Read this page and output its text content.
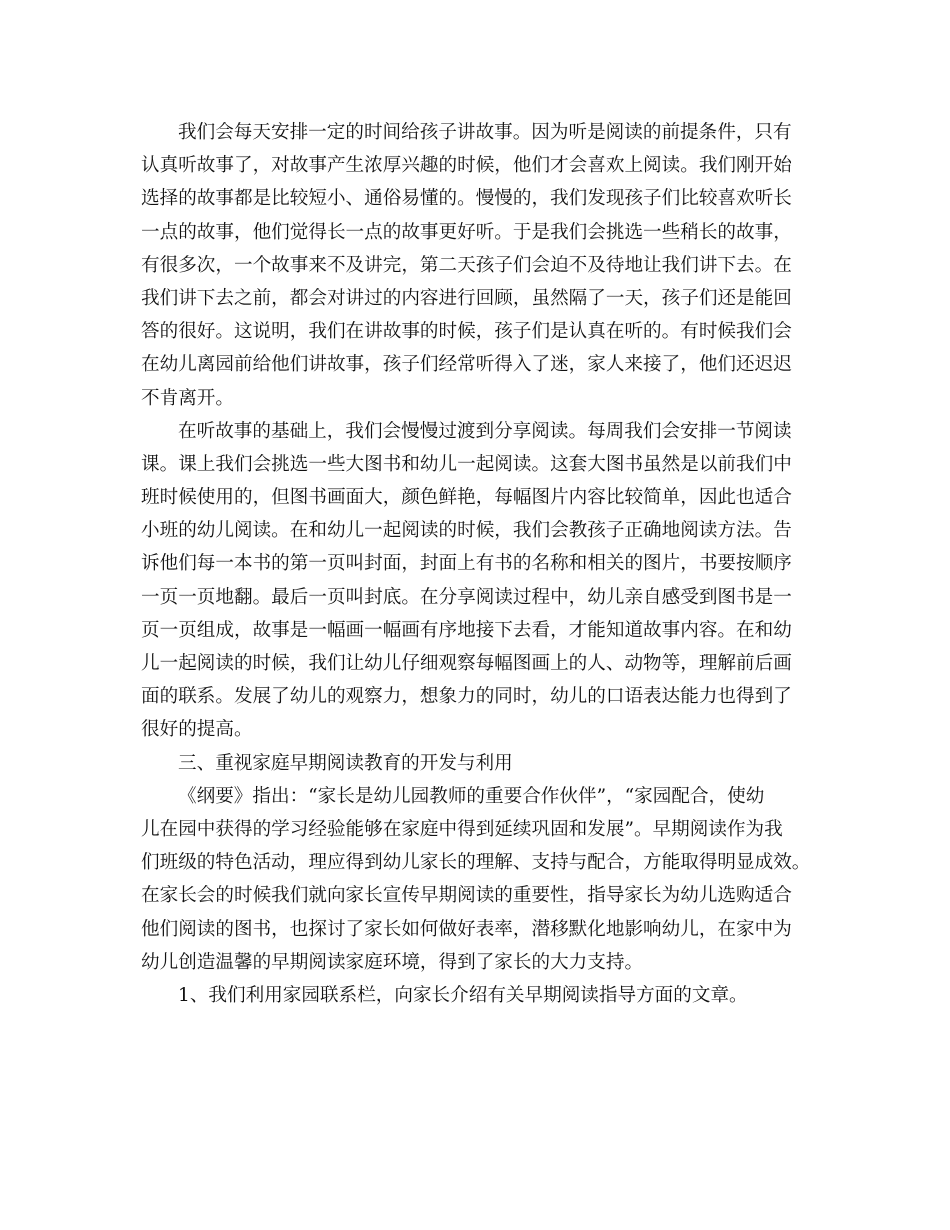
我们会每天安排一定的时间给孩子讲故事。因为听是阅读的前提条件，只有
认真听故事了，对故事产生浓厚兴趣的时候，他们才会喜欢上阅读。我们刚开始
选择的故事都是比较短小、通俗易懂的。慢慢的，我们发现孩子们比较喜欢听长
一点的故事，他们觉得长一点的故事更好听。于是我们会挑选一些稍长的故事，
有很多次，一个故事来不及讲完，第二天孩子们会迫不及待地让我们讲下去。在
我们讲下去之前，都会对讲过的内容进行回顾，虽然隔了一天，孩子们还是能回
答的很好。这说明，我们在讲故事的时候，孩子们是认真在听的。有时候我们会
在幼儿离园前给他们讲故事，孩子们经常听得入了迷，家人来接了，他们还迟迟
不肯离开。
在听故事的基础上，我们会慢慢过渡到分享阅读。每周我们会安排一节阅读
课。课上我们会挑选一些大图书和幼儿一起阅读。这套大图书虽然是以前我们中
班时候使用的，但图书画面大，颜色鲜艳，每幅图片内容比较简单，因此也适合
小班的幼儿阅读。在和幼儿一起阅读的时候，我们会教孩子正确地阅读方法。告
诉他们每一本书的第一页叫封面，封面上有书的名称和相关的图片，书要按顺序
一页一页地翻。最后一页叫封底。在分享阅读过程中，幼儿亲自感受到图书是一
页一页组成，故事是一幅画一幅画有序地接下去看，才能知道故事内容。在和幼
儿一起阅读的时候，我们让幼儿仔细观察每幅图画上的人、动物等，理解前后画
面的联系。发展了幼儿的观察力，想象力的同时，幼儿的口语表达能力也得到了
很好的提高。
三、重视家庭早期阅读教育的开发与利用
《纲要》指出：“家长是幼儿园教师的重要合作伙伴”，“家园配合，使幼
儿在园中获得的学习经验能够在家庭中得到延续巩固和发展”。早期阅读作为我
们班级的特色活动，理应得到幼儿家长的理解、支持与配合，方能取得明显成效。
在家长会的时候我们就向家长宣传早期阅读的重要性，指导家长为幼儿选购适合
他们阅读的图书，也探讨了家长如何做好表率，潜移默化地影响幼儿，在家中为
幼儿创造温馨的早期阅读家庭环境，得到了家长的大力支持。
1、我们利用家园联系栏，向家长介绍有关早期阅读指导方面的文章。
